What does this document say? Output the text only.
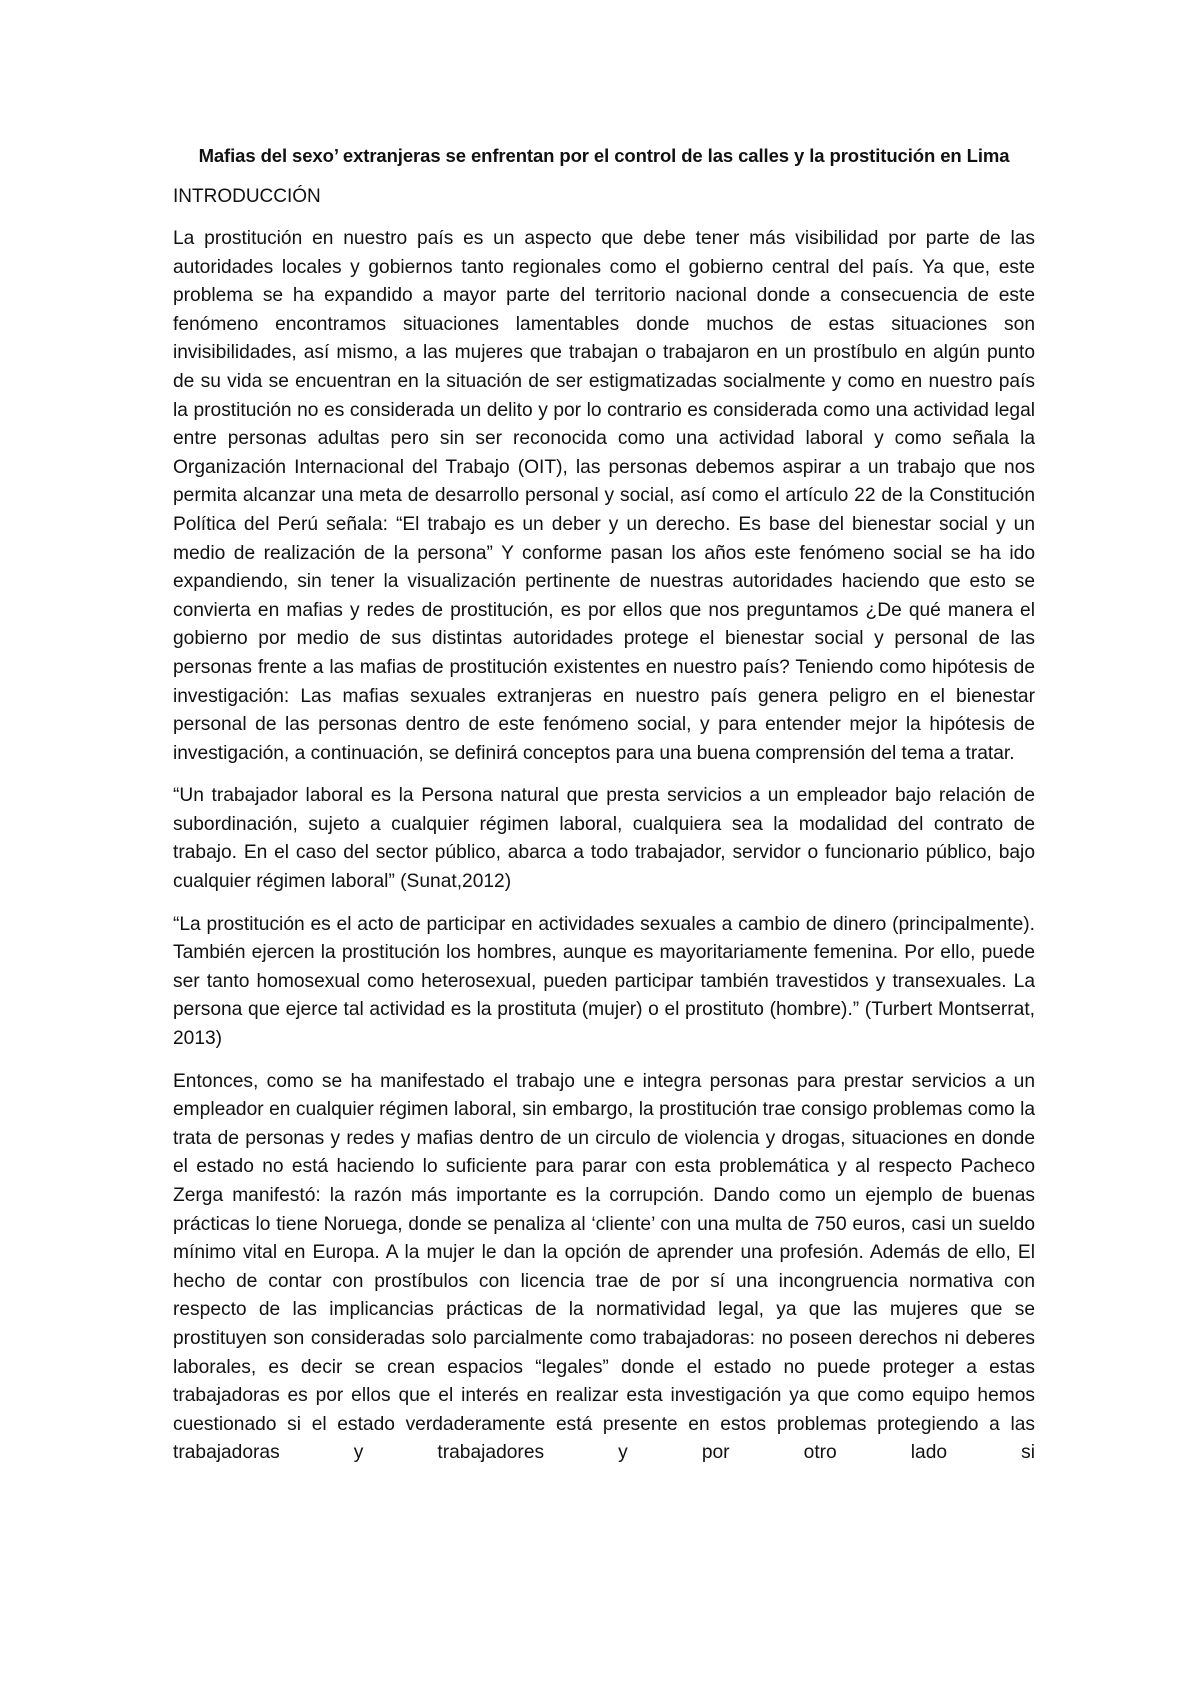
Mafias del sexo’ extranjeras se enfrentan por el control de las calles y la prostitución en Lima
INTRODUCCIÓN

La prostitución en nuestro país es un aspecto que debe tener más visibilidad por parte de las autoridades locales y gobiernos tanto regionales como el gobierno central del país. Ya que, este problema se ha expandido a mayor parte del territorio nacional donde a consecuencia de este fenómeno encontramos situaciones lamentables donde muchos de estas situaciones son invisibilidades, así mismo, a las mujeres que trabajan o trabajaron en un prostíbulo en algún punto de su vida se encuentran en la situación de ser estigmatizadas socialmente y como en nuestro país la prostitución no es considerada un delito y por lo contrario es considerada como una actividad legal entre personas adultas pero sin ser reconocida como una actividad laboral y como señala la Organización Internacional del Trabajo (OIT), las personas debemos aspirar a un trabajo que nos permita alcanzar una meta de desarrollo personal y social, así como el artículo 22 de la Constitución Política del Perú señala: “El trabajo es un deber y un derecho. Es base del bienestar social y un medio de realización de la persona” Y conforme pasan los años este fenómeno social se ha ido expandiendo, sin tener la visualización pertinente de nuestras autoridades haciendo que esto se convierta en mafias y redes de prostitución, es por ellos que nos preguntamos ¿De qué manera el gobierno por medio de sus distintas autoridades protege el bienestar social y personal de las personas frente a las mafias de prostitución existentes en nuestro país? Teniendo como hipótesis de investigación: Las mafias sexuales extranjeras en nuestro país genera peligro en el bienestar personal de las personas dentro de este fenómeno social, y para entender mejor la hipótesis de investigación, a continuación, se definirá conceptos para una buena comprensión del tema a tratar.

“Un trabajador laboral es la Persona natural que presta servicios a un empleador bajo relación de subordinación, sujeto a cualquier régimen laboral, cualquiera sea la modalidad del contrato de trabajo. En el caso del sector público, abarca a todo trabajador, servidor o funcionario público, bajo cualquier régimen laboral” (Sunat,2012)

“La prostitución es el acto de participar en actividades sexuales a cambio de dinero (principalmente). También ejercen la prostitución los hombres, aunque es mayoritariamente femenina. Por ello, puede ser tanto homosexual como heterosexual, pueden participar también travestidos y transexuales. La persona que ejerce tal actividad es la prostituta (mujer) o el prostituto (hombre).” (Turbert Montserrat, 2013)

Entonces, como se ha manifestado el trabajo une e integra personas para prestar servicios a un empleador en cualquier régimen laboral, sin embargo, la prostitución trae consigo problemas como la trata de personas y redes y mafias dentro de un circulo de violencia y drogas, situaciones en donde el estado no está haciendo lo suficiente para parar con esta problemática y al respecto Pacheco Zerga manifestó: la razón más importante es la corrupción. Dando como un ejemplo de buenas prácticas lo tiene Noruega, donde se penaliza al ‘cliente’ con una multa de 750 euros, casi un sueldo mínimo vital en Europa. A la mujer le dan la opción de aprender una profesión. Además de ello, El hecho de contar con prostíbulos con licencia trae de por sí una incongruencia normativa con respecto de las implicancias prácticas de la normatividad legal, ya que las mujeres que se prostituyen son consideradas solo parcialmente como trabajadoras: no poseen derechos ni deberes laborales, es decir se crean espacios “legales” donde el estado no puede proteger a estas trabajadoras es por ellos que el interés en realizar esta investigación ya que como equipo hemos cuestionado si el estado verdaderamente está presente en estos problemas protegiendo a las trabajadoras y trabajadores y por otro lado si
